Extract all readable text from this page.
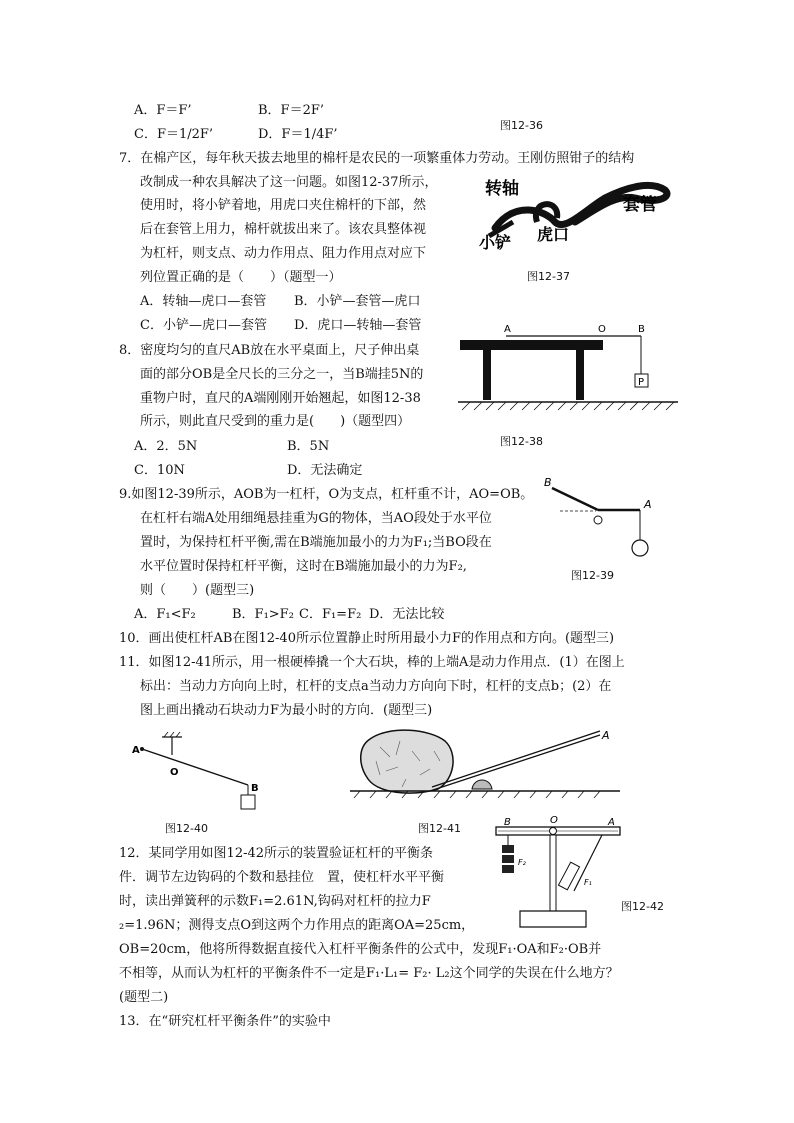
A．F＝F’	B．F＝2F’
C．F＝1/2F’	D．F＝1/4F’
图12-36
7．在棉产区，每年秋天拔去地里的棉杆是农民的一项繁重体力劳动。王刚仿照钳子的结构
改制成一种农具解决了这一问题。如图12-37所示，
使用时，将小铲着地，用虎口夹住棉杆的下部，然
后在套管上用力，棉杆就拔出来了。该农具整体视
为杠杆，则支点、动力作用点、阻力作用点对应下
列位置正确的是（　　）（题型一）
A．转轴—虎口—套管 B．小铲—套管—虎口
C．小铲—虎口—套管 D．虎口—转轴—套管
转轴
套管
小铲 虎口
图12-37
8．密度均匀的直尺AB放在水平桌面上，尺子伸出桌
面的部分OB是全尺长的三分之一，当B端挂5N的
重物户时，直尺的A端刚刚开始翘起，如图12-38
所示，则此直尺受到的重力是(　　)（题型四）
A．2．5N	B．5N
C．10N	D．无法确定
P
A	O	B
图12-38
9.如图12-39所示，AOB为一杠杆，O为支点，杠杆重不计，AO=OB。
在杠杆右端A处用细绳悬挂重为G的物体，当AO段处于水平位
置时，为保持杠杆平衡,需在B端施加最小的力为F₁;当BO段在
水平位置时保持杠杆平衡，这时在B端施加最小的力为F₂,
则（　　）(题型三)
A．F₁<F₂	B．F₁>F₂ C．F₁=F₂ D．无法比较
B
A
图12-39
10．画出使杠杆AB在图12-40所示位置静止时所用最小力F的作用点和方向。(题型三)
11．如图12-41所示，用一根硬棒撬一个大石块，棒的上端A是动力作用点．(1）在图上
标出：当动力方向向上时，杠杆的支点a当动力方向向下时，杠杆的支点b；(2）在
图上画出撬动石块动力F为最小时的方向．(题型三)
A
O
B
图12-40
A
图12-41
12．某同学用如图12-42所示的装置验证杠杆的平衡条
件．调节左边钩码的个数和悬挂位　置，使杠杆水平平衡
时，读出弹簧秤的示数F₁=2.61N,钩码对杠杆的拉力F
₂=1.96N；测得支点O到这两个力作用点的距离OA=25cm，
OB=20cm，他将所得数据直接代入杠杆平衡条件的公式中，发现F₁·OA和F₂·OB并
不相等，从而认为杠杆的平衡条件不一定是F₁·L₁= F₂· L₂这个同学的失误在什么地方？
(题型二)
B	O	A
F₂
F₁
图12-42
13．在“研究杠杆平衡条件”的实验中
